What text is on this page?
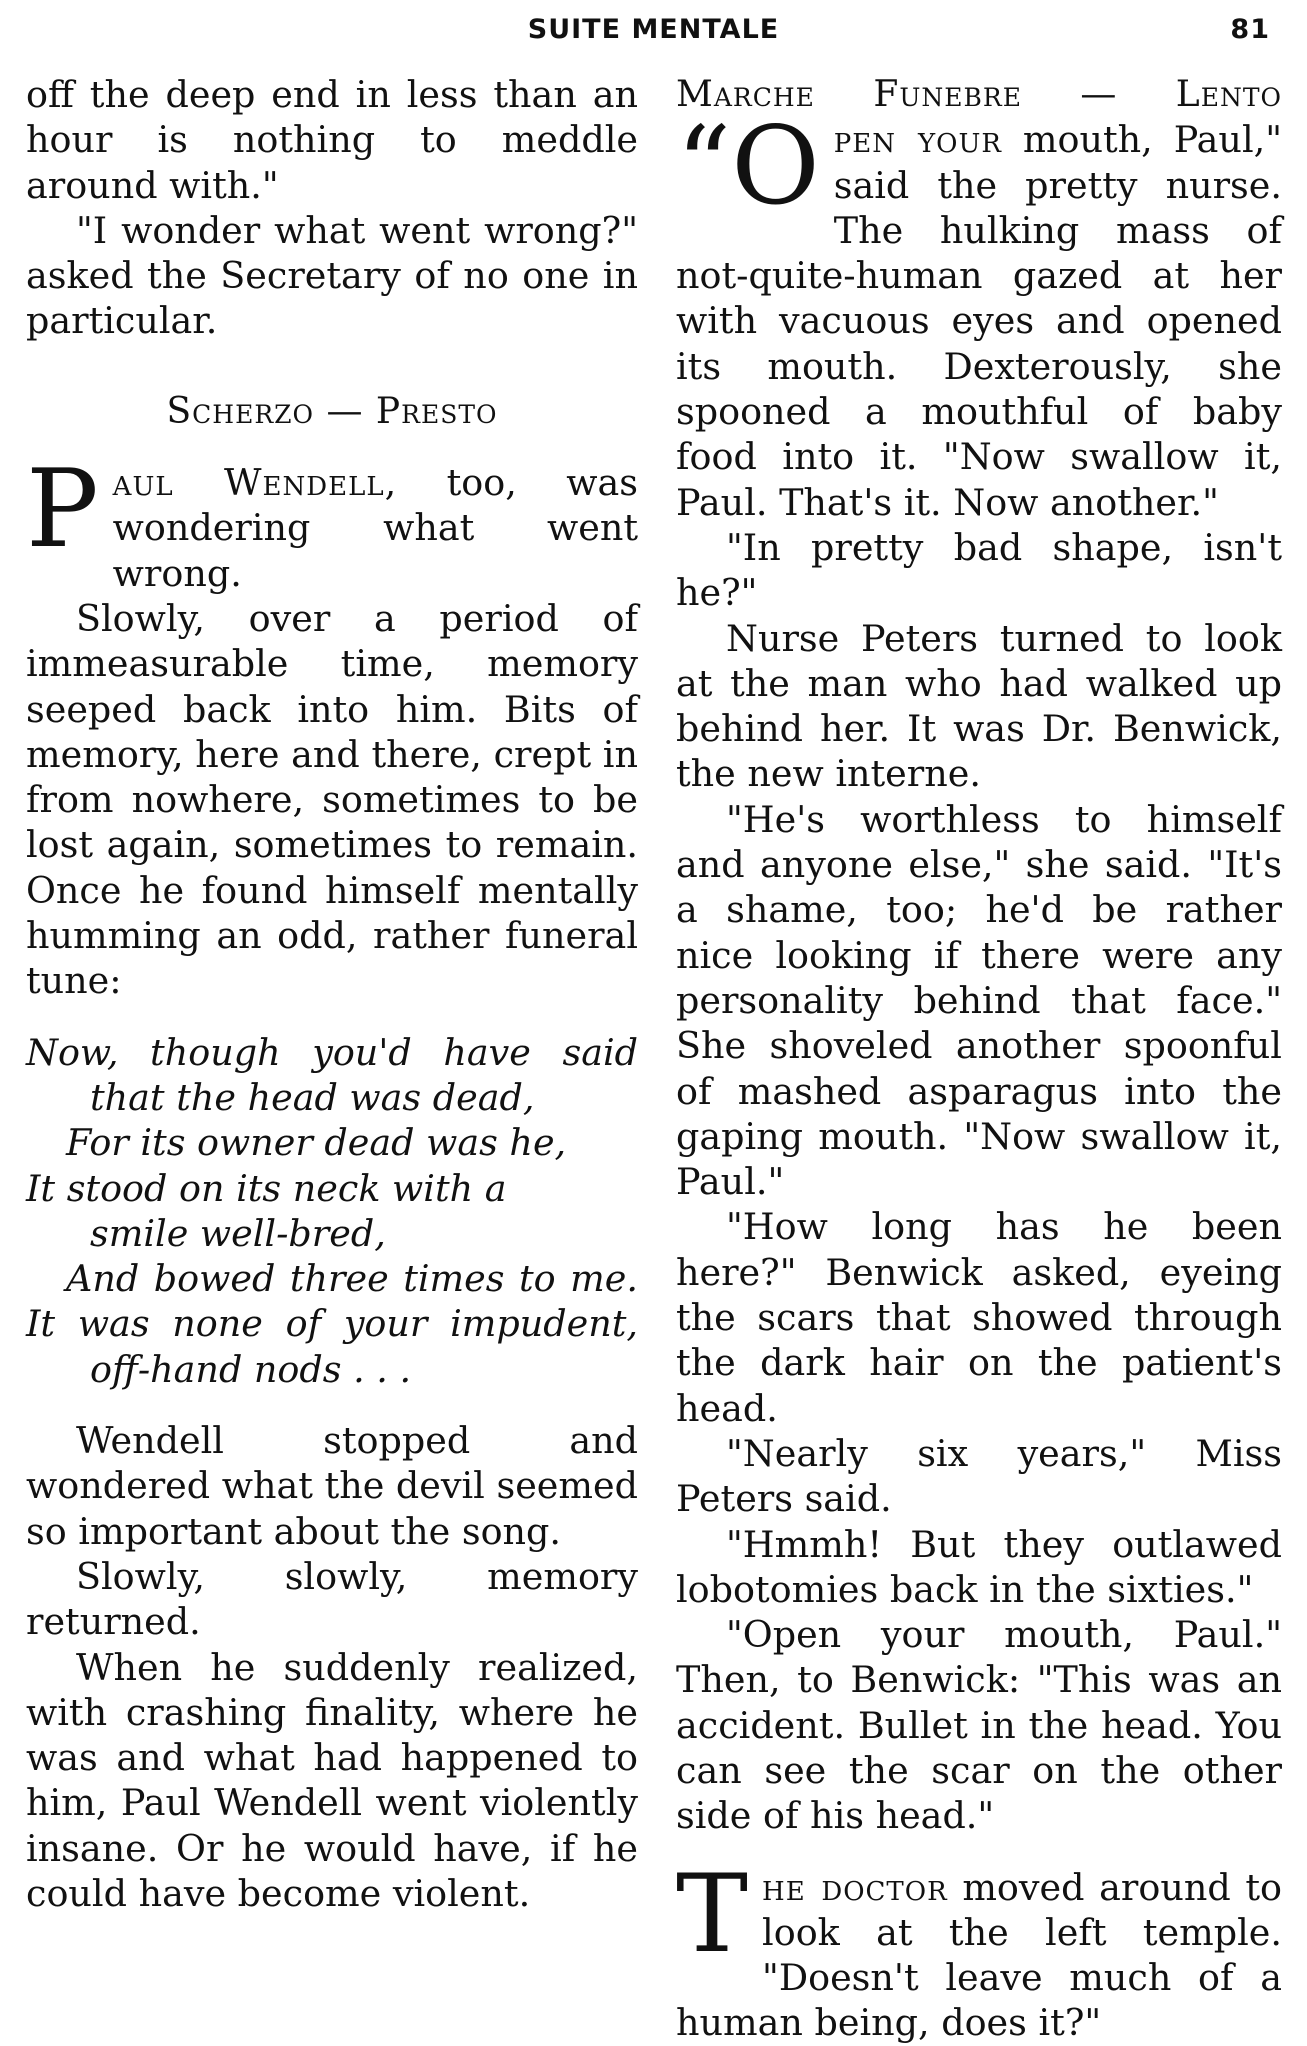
SUITE MENTALE	81

off the deep end in less than an hour is nothing to meddle around with."

"I wonder what went wrong?" asked the Secretary of no one in particular.

Scherzo — Presto

Paul Wendell, too, was wondering what went wrong.

Slowly, over a period of immeasurable time, memory seeped back into him. Bits of memory, here and there, crept in from nowhere, sometimes to be lost again, sometimes to remain. Once he found himself mentally humming an odd, rather funeral tune:

Now, though you'd have said

that the head was dead,

For its owner dead was he,

It stood on its neck with a

smile well-bred,

And bowed three times to me.

It was none of your impudent,

off-hand nods . . .

Wendell stopped and wondered what the devil seemed so important about the song.

Slowly, slowly, memory returned.

When he suddenly realized, with crashing finality, where he was and what had happened to him, Paul Wendell went violently insane. Or he would have, if he could have become violent.

Marche Funebre — Lento

“O pen your mouth, Paul," said the pretty nurse. The hulking mass of not-quite-human gazed at her with vacuous eyes and opened its mouth. Dexterously, she spooned a mouthful of baby food into it. "Now swallow it, Paul. That's it. Now another."

"In pretty bad shape, isn't he?"

Nurse Peters turned to look at the man who had walked up behind her. It was Dr. Benwick, the new interne.

"He's worthless to himself and anyone else," she said. "It's a shame, too; he'd be rather nice looking if there were any personality behind that face." She shoveled another spoonful of mashed asparagus into the gaping mouth. "Now swallow it, Paul."

"How long has he been here?" Benwick asked, eyeing the scars that showed through the dark hair on the patient's head.

"Nearly six years," Miss Peters said.

"Hmmh! But they outlawed lobotomies back in the sixties."

"Open your mouth, Paul." Then, to Benwick: "This was an accident. Bullet in the head. You can see the scar on the other side of his head."

The doctor moved around to look at the left temple. "Doesn't leave much of a human being, does it?"
